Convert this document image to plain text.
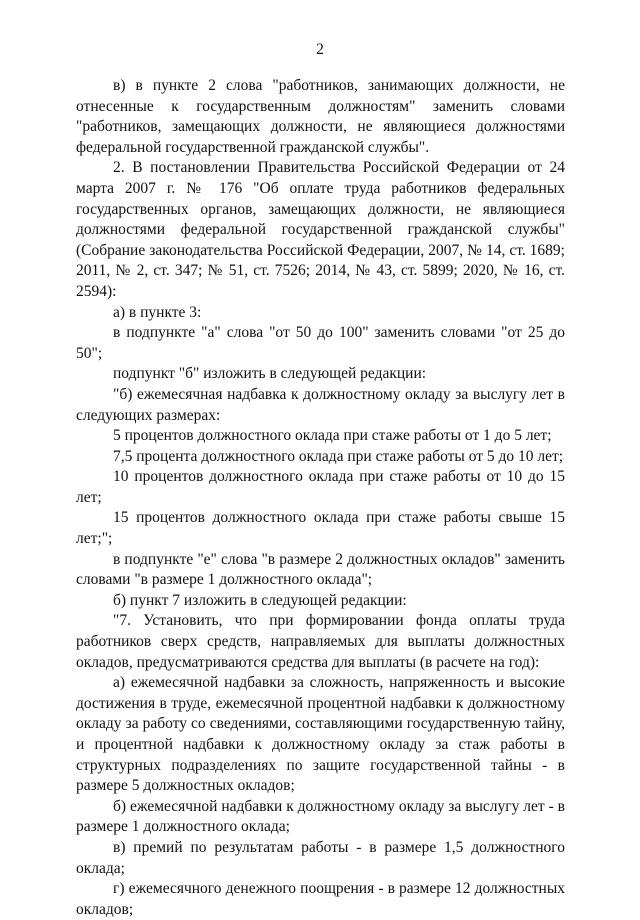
2

в) в пункте 2 слова "работников, занимающих должности, не отнесенные к государственным должностям" заменить словами "работников, замещающих должности, не являющиеся должностями федеральной государственной гражданской службы".

2. В постановлении Правительства Российской Федерации от 24 марта 2007 г. № 176 "Об оплате труда работников федеральных государственных органов, замещающих должности, не являющиеся должностями федеральной государственной гражданской службы" (Собрание законодательства Российской Федерации, 2007, № 14, ст. 1689; 2011, № 2, ст. 347; № 51, ст. 7526; 2014, № 43, ст. 5899; 2020, № 16, ст. 2594):

а) в пункте 3:

в подпункте "а" слова "от 50 до 100" заменить словами "от 25 до 50";

подпункт "б" изложить в следующей редакции:

"б) ежемесячная надбавка к должностному окладу за выслугу лет в следующих размерах:

5 процентов должностного оклада при стаже работы от 1 до 5 лет;

7,5 процента должностного оклада при стаже работы от 5 до 10 лет;

10 процентов должностного оклада при стаже работы от 10 до 15 лет;

15 процентов должностного оклада при стаже работы свыше 15 лет;";

в подпункте "е" слова "в размере 2 должностных окладов" заменить словами "в размере 1 должностного оклада";

б) пункт 7 изложить в следующей редакции:

"7. Установить, что при формировании фонда оплаты труда работников сверх средств, направляемых для выплаты должностных окладов, предусматриваются средства для выплаты (в расчете на год):

а) ежемесячной надбавки за сложность, напряженность и высокие достижения в труде, ежемесячной процентной надбавки к должностному окладу за работу со сведениями, составляющими государственную тайну, и процентной надбавки к должностному окладу за стаж работы в структурных подразделениях по защите государственной тайны - в размере 5 должностных окладов;

б) ежемесячной надбавки к должностному окладу за выслугу лет - в размере 1 должностного оклада;

в) премий по результатам работы - в размере 1,5 должностного оклада;

г) ежемесячного денежного поощрения - в размере 12 должностных окладов;
